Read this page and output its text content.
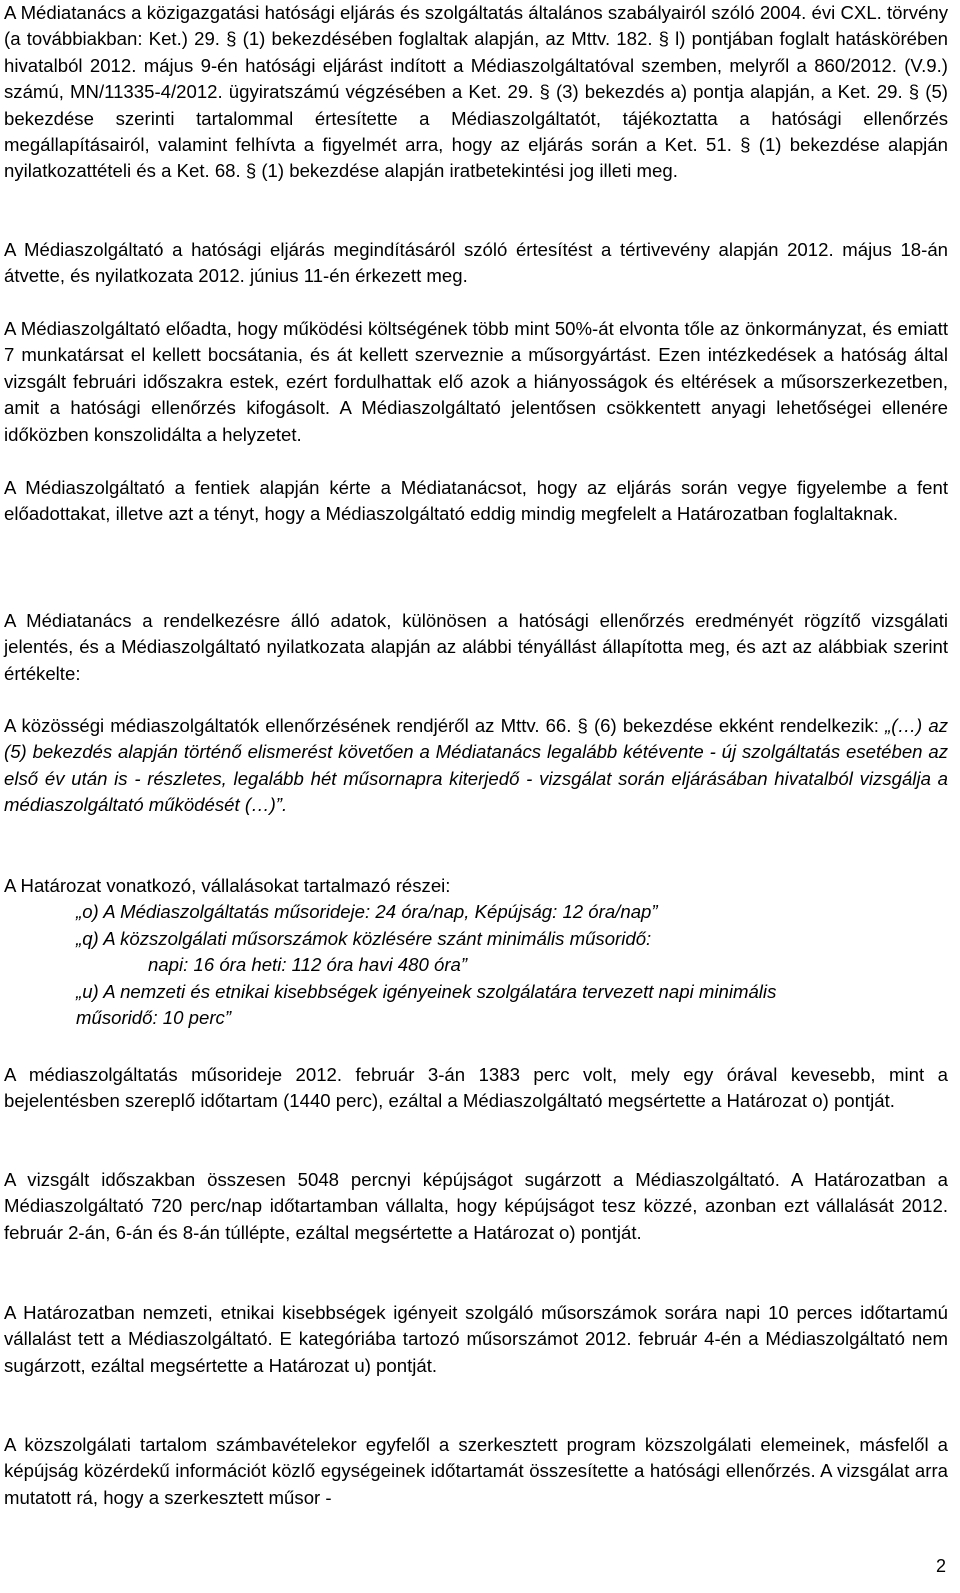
A Médiatanács a közigazgatási hatósági eljárás és szolgáltatás általános szabályairól szóló 2004. évi CXL. törvény (a továbbiakban: Ket.) 29. § (1) bekezdésében foglaltak alapján, az Mttv. 182. § l) pontjában foglalt hatáskörében hivatalból 2012. május 9-én hatósági eljárást indított a Médiaszolgáltatóval szemben, melyről a 860/2012. (V.9.) számú, MN/11335-4/2012. ügyiratszámú végzésében a Ket. 29. § (3) bekezdés a) pontja alapján, a Ket. 29. § (5) bekezdése szerinti tartalommal értesítette a Médiaszolgáltatót, tájékoztatta a hatósági ellenőrzés megállapításairól, valamint felhívta a figyelmét arra, hogy az eljárás során a Ket. 51. § (1) bekezdése alapján nyilatkozattételi és a Ket. 68. § (1) bekezdése alapján iratbetekintési jog illeti meg.

A Médiaszolgáltató a hatósági eljárás megindításáról szóló értesítést a tértivevény alapján 2012. május 18-án átvette, és nyilatkozata 2012. június 11-én érkezett meg.

A Médiaszolgáltató előadta, hogy működési költségének több mint 50%-át elvonta tőle az önkormányzat, és emiatt 7 munkatársat el kellett bocsátania, és át kellett szerveznie a műsorgyártást. Ezen intézkedések a hatóság által vizsgált februári időszakra estek, ezért fordulhattak elő azok a hiányosságok és eltérések a műsorszerkezetben, amit a hatósági ellenőrzés kifogásolt. A Médiaszolgáltató jelentősen csökkentett anyagi lehetőségei ellenére időközben konszolidálta a helyzetet.

A Médiaszolgáltató a fentiek alapján kérte a Médiatanácsot, hogy az eljárás során vegye figyelembe a fent előadottakat, illetve azt a tényt, hogy a Médiaszolgáltató eddig mindig megfelelt a Határozatban foglaltaknak.

A Médiatanács a rendelkezésre álló adatok, különösen a hatósági ellenőrzés eredményét rögzítő vizsgálati jelentés, és a Médiaszolgáltató nyilatkozata alapján az alábbi tényállást állapította meg, és azt az alábbiak szerint értékelte:

A közösségi médiaszolgáltatók ellenőrzésének rendjéről az Mttv. 66. § (6) bekezdése ekként rendelkezik: „(…) az (5) bekezdés alapján történő elismerést követően a Médiatanács legalább kétévente - új szolgáltatás esetében az első év után is - részletes, legalább hét műsornapra kiterjedő - vizsgálat során eljárásában hivatalból vizsgálja a médiaszolgáltató működését (…)”.

A Határozat vonatkozó, vállalásokat tartalmazó részei:

„o) A Médiaszolgáltatás műsorideje: 24 óra/nap, Képújság: 12 óra/nap”

„q) A közszolgálati műsorszámok közlésére szánt minimális műsoridő:

napi: 16 óra heti: 112 óra havi 480 óra”

„u) A nemzeti és etnikai kisebbségek igényeinek szolgálatára tervezett napi minimális

műsoridő: 10 perc”

A médiaszolgáltatás műsorideje 2012. február 3-án 1383 perc volt, mely egy órával kevesebb, mint a bejelentésben szereplő időtartam (1440 perc), ezáltal a Médiaszolgáltató megsértette a Határozat o) pontját.

A vizsgált időszakban összesen 5048 percnyi képújságot sugárzott a Médiaszolgáltató. A Határozatban a Médiaszolgáltató 720 perc/nap időtartamban vállalta, hogy képújságot tesz közzé, azonban ezt vállalását 2012. február 2-án, 6-án és 8-án túllépte, ezáltal megsértette a Határozat o) pontját.

A Határozatban nemzeti, etnikai kisebbségek igényeit szolgáló műsorszámok sorára napi 10 perces időtartamú vállalást tett a Médiaszolgáltató. E kategóriába tartozó műsorszámot 2012. február 4-én a Médiaszolgáltató nem sugárzott, ezáltal megsértette a Határozat u) pontját.

A közszolgálati tartalom számbavételekor egyfelől a szerkesztett program közszolgálati elemeinek, másfelől a képújság közérdekű információt közlő egységeinek időtartamát összesítette a hatósági ellenőrzés. A vizsgálat arra mutatott rá, hogy a szerkesztett műsor -

2
